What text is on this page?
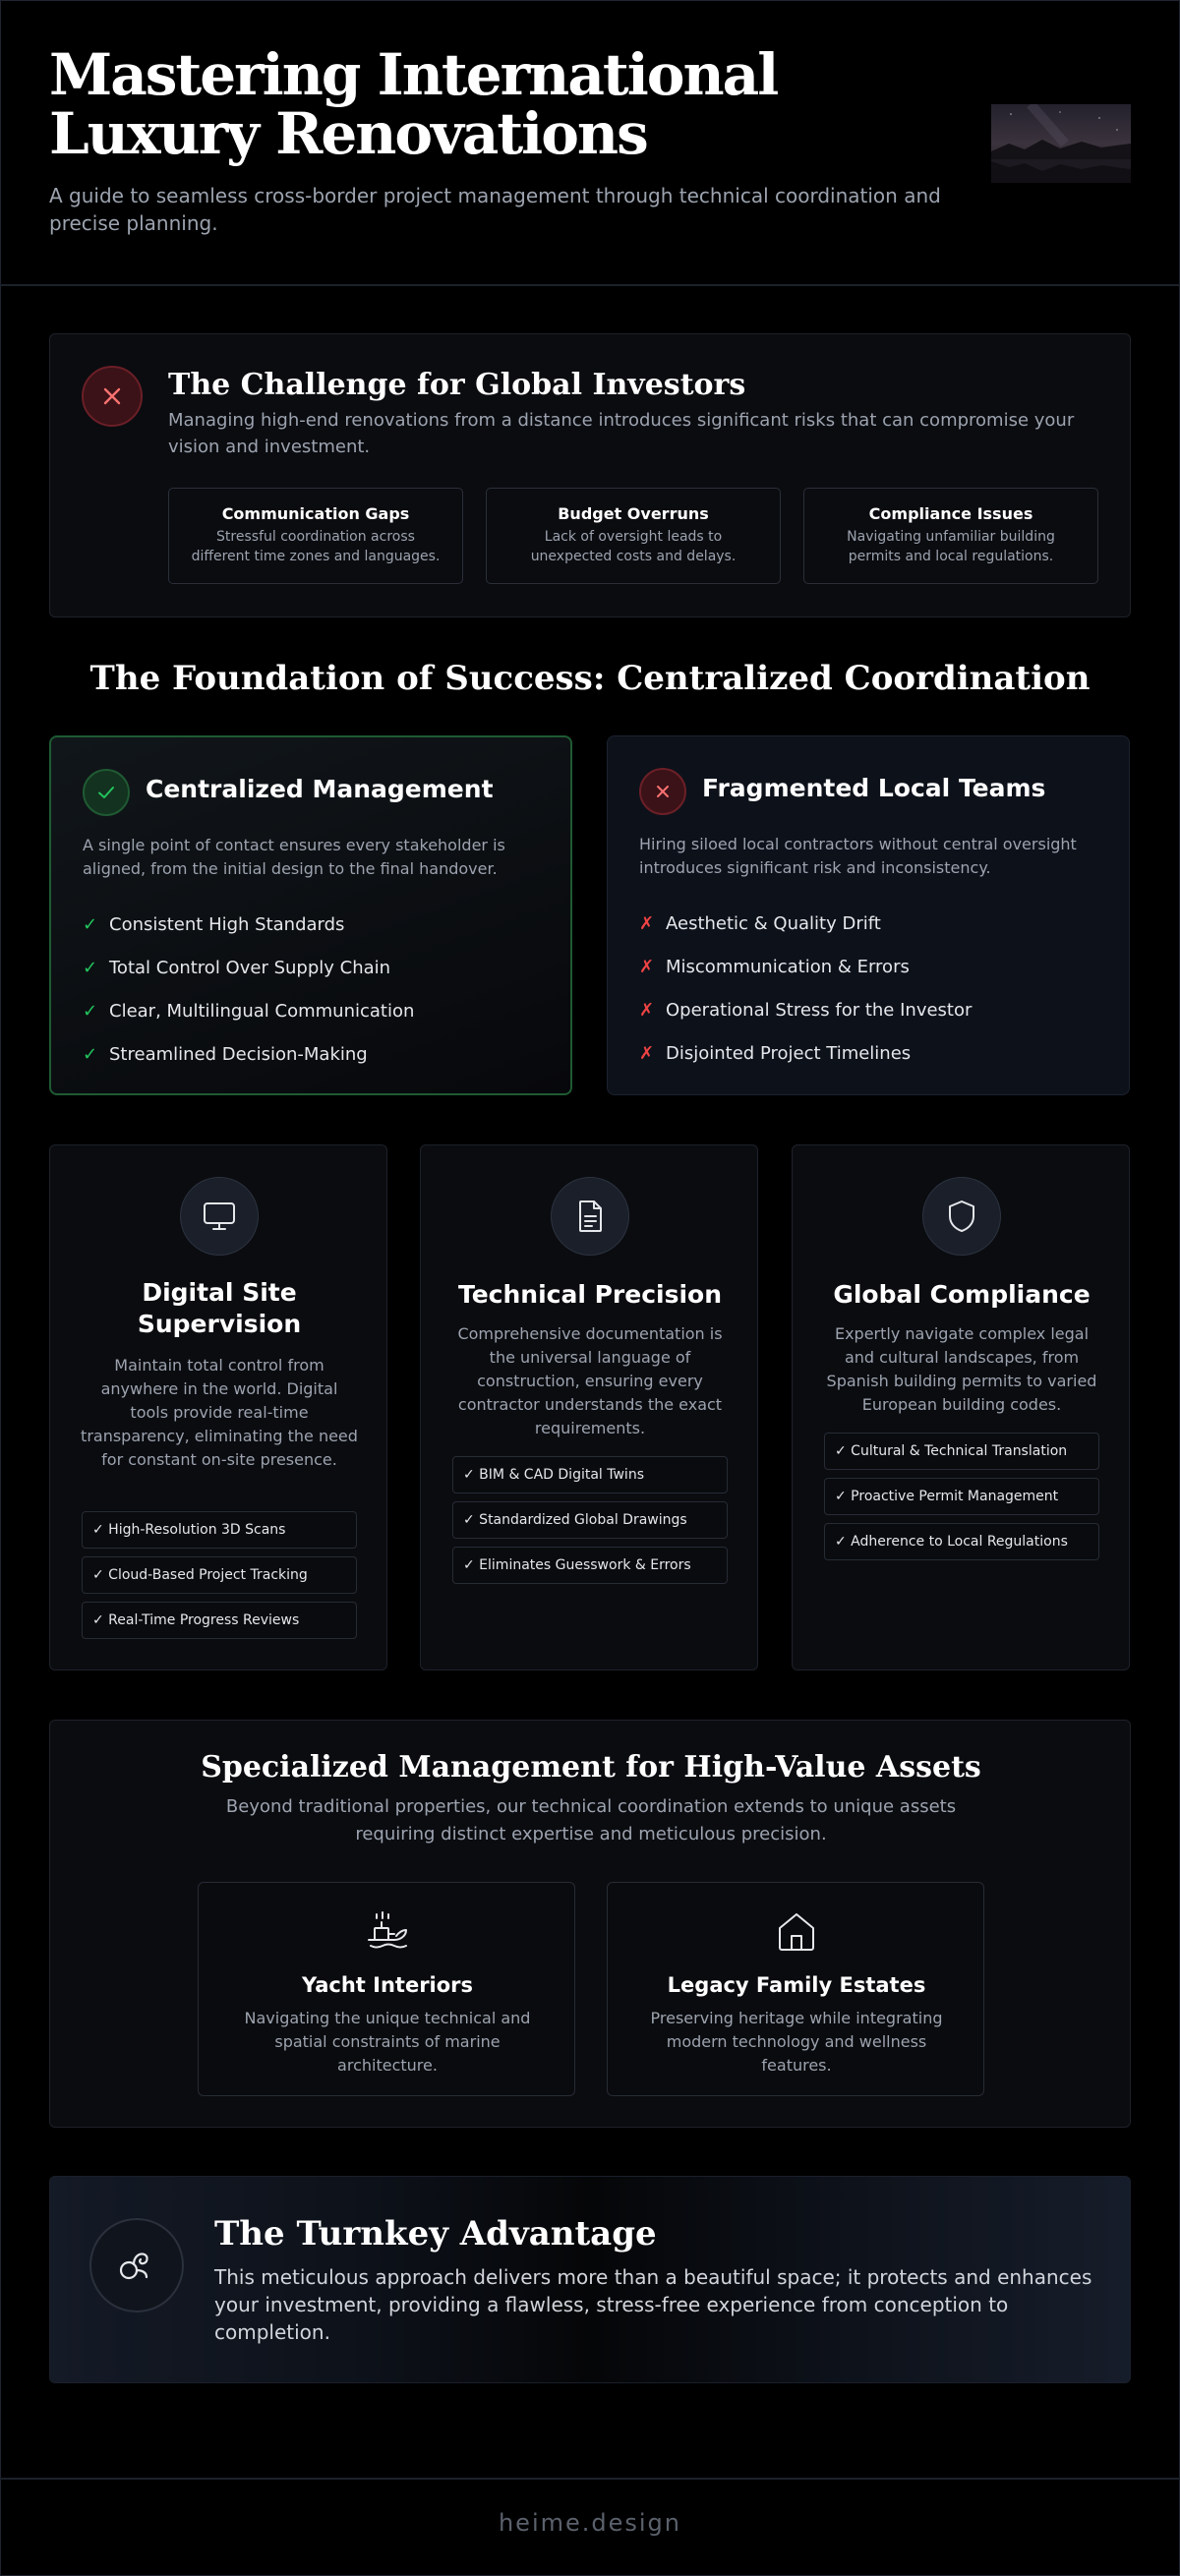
Mastering International
Luxury Renovations

A guide to seamless cross-border project management through technical coordination and precise planning.

The Challenge for Global Investors

Managing high-end renovations from a distance introduces significant risks that can compromise your vision and investment.

Communication Gaps
Stressful coordination across different time zones and languages.
Budget Overruns
Lack of oversight leads to unexpected costs and delays.
Compliance Issues
Navigating unfamiliar building permits and local regulations.
The Foundation of Success: Centralized Coordination
Centralized Management

A single point of contact ensures every stakeholder is aligned, from the initial design to the final handover.

✓ Consistent High Standards
✓ Total Control Over Supply Chain
✓ Clear, Multilingual Communication
✓ Streamlined Decision-Making
Fragmented Local Teams

Hiring siloed local contractors without central oversight introduces significant risk and inconsistency.

✗ Aesthetic & Quality Drift
✗ Miscommunication & Errors
✗ Operational Stress for the Investor
✗ Disjointed Project Timelines
Digital Site Supervision

Maintain total control from anywhere in the world. Digital tools provide real-time transparency, eliminating the need for constant on-site presence.

✓ High-Resolution 3D Scans
✓ Cloud-Based Project Tracking
✓ Real-Time Progress Reviews
Technical Precision

Comprehensive documentation is the universal language of construction, ensuring every contractor understands the exact requirements.

✓ BIM & CAD Digital Twins
✓ Standardized Global Drawings
✓ Eliminates Guesswork & Errors
Global Compliance

Expertly navigate complex legal and cultural landscapes, from Spanish building permits to varied European building codes.

✓ Cultural & Technical Translation
✓ Proactive Permit Management
✓ Adherence to Local Regulations
Specialized Management for High-Value Assets

Beyond traditional properties, our technical coordination extends to unique assets requiring distinct expertise and meticulous precision.

Yacht Interiors

Navigating the unique technical and spatial constraints of marine architecture.

Legacy Family Estates

Preserving heritage while integrating modern technology and wellness features.

The Turnkey Advantage

This meticulous approach delivers more than a beautiful space; it protects and enhances your investment, providing a flawless, stress-free experience from conception to completion.

heime.design
